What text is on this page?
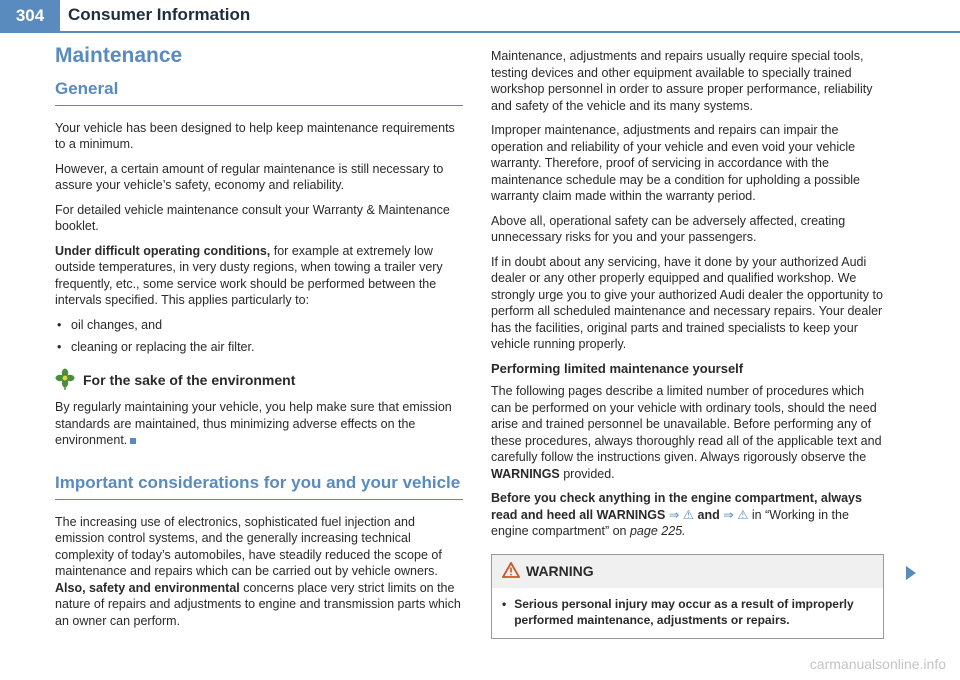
304 Consumer Information
Maintenance
General

Your vehicle has been designed to help keep maintenance requirements to a minimum.

However, a certain amount of regular maintenance is still necessary to assure your vehicle’s safety, economy and reliability.

For detailed vehicle maintenance consult your Warranty & Maintenance booklet.

Under difficult operating conditions, for example at extremely low outside temperatures, in very dusty regions, when towing a trailer very frequently, etc., some service work should be performed between the intervals specified. This applies particularly to:

• oil changes, and
• cleaning or replacing the air filter.
For the sake of the environment

By regularly maintaining your vehicle, you help make sure that emission standards are maintained, thus minimizing adverse effects on the environment.

Important considerations for you and your vehicle

The increasing use of electronics, sophisticated fuel injection and emission control systems, and the generally increasing technical complexity of today’s automobiles, have steadily reduced the scope of maintenance and repairs which can be carried out by vehicle owners. Also, safety and environmental concerns place very strict limits on the nature of repairs and adjustments to engine and transmission parts which an owner can perform.

Maintenance, adjustments and repairs usually require special tools, testing devices and other equipment available to specially trained workshop personnel in order to assure proper performance, reliability and safety of the vehicle and its many systems.

Improper maintenance, adjustments and repairs can impair the operation and reliability of your vehicle and even void your vehicle warranty. Therefore, proof of servicing in accordance with the maintenance schedule may be a condition for upholding a possible warranty claim made within the warranty period.

Above all, operational safety can be adversely affected, creating unnecessary risks for you and your passengers.

If in doubt about any servicing, have it done by your authorized Audi dealer or any other properly equipped and qualified workshop. We strongly urge you to give your authorized Audi dealer the opportunity to perform all scheduled maintenance and necessary repairs. Your dealer has the facilities, original parts and trained specialists to keep your vehicle running properly.

Performing limited maintenance yourself

The following pages describe a limited number of procedures which can be performed on your vehicle with ordinary tools, should the need arise and trained personnel be unavailable. Before performing any of these procedures, always thoroughly read all of the applicable text and carefully follow the instructions given. Always rigorously observe the WARNINGS provided.

Before you check anything in the engine compartment, always read and heed all WARNINGS ⇒ ⚠ and ⇒ ⚠ in “Working in the engine compartment” on page 225.

WARNING
• Serious personal injury may occur as a result of improperly performed maintenance, adjustments or repairs.
carmanualsonline.info
